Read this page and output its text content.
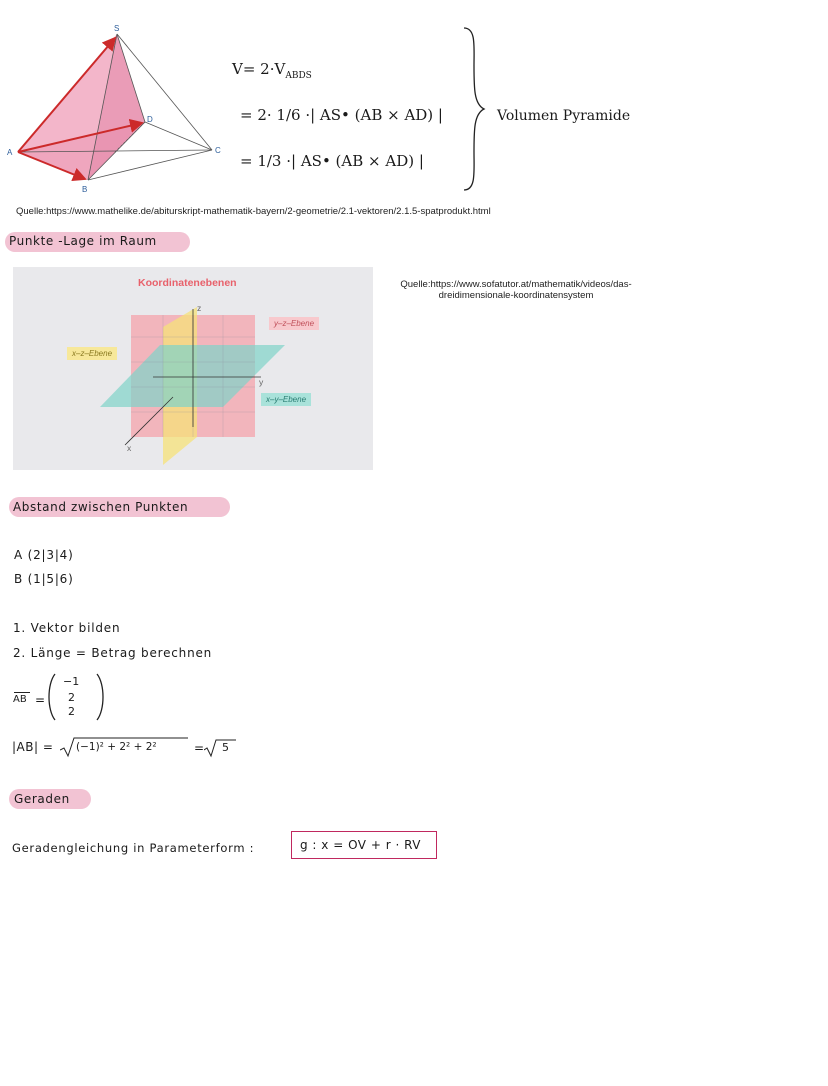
S
A
B
C
D
$V= 2\cdot V_{ABDS}$
= 2· 1/6 ·| AS• (AB × AD) |
= 1/3 ·| AS• (AB × AD) |
Volumen Pyramide
Quelle:https://www.mathelike.de/abiturskript-mathematik-bayern/2-geometrie/2.1-vektoren/2.1.5-spatprodukt.html
Punkte -Lage im Raum
Koordinatenebenen
z
y
x
y–z–Ebene
x–z–Ebene
x–y–Ebene
Quelle:https://www.sofatutor.at/mathematik/videos/das-
dreidimensionale-koordinatensystem
Abstand zwischen Punkten
A (2|3|4)
B (1|5|6)
1. Vektor bilden
2. Länge = Betrag berechnen
AB =
−1
2
2
|AB| = (−1)² + 2² + 2²	= 5
Geraden
Geradengleichung in Parameterform :	g : x = OV + r · RV
